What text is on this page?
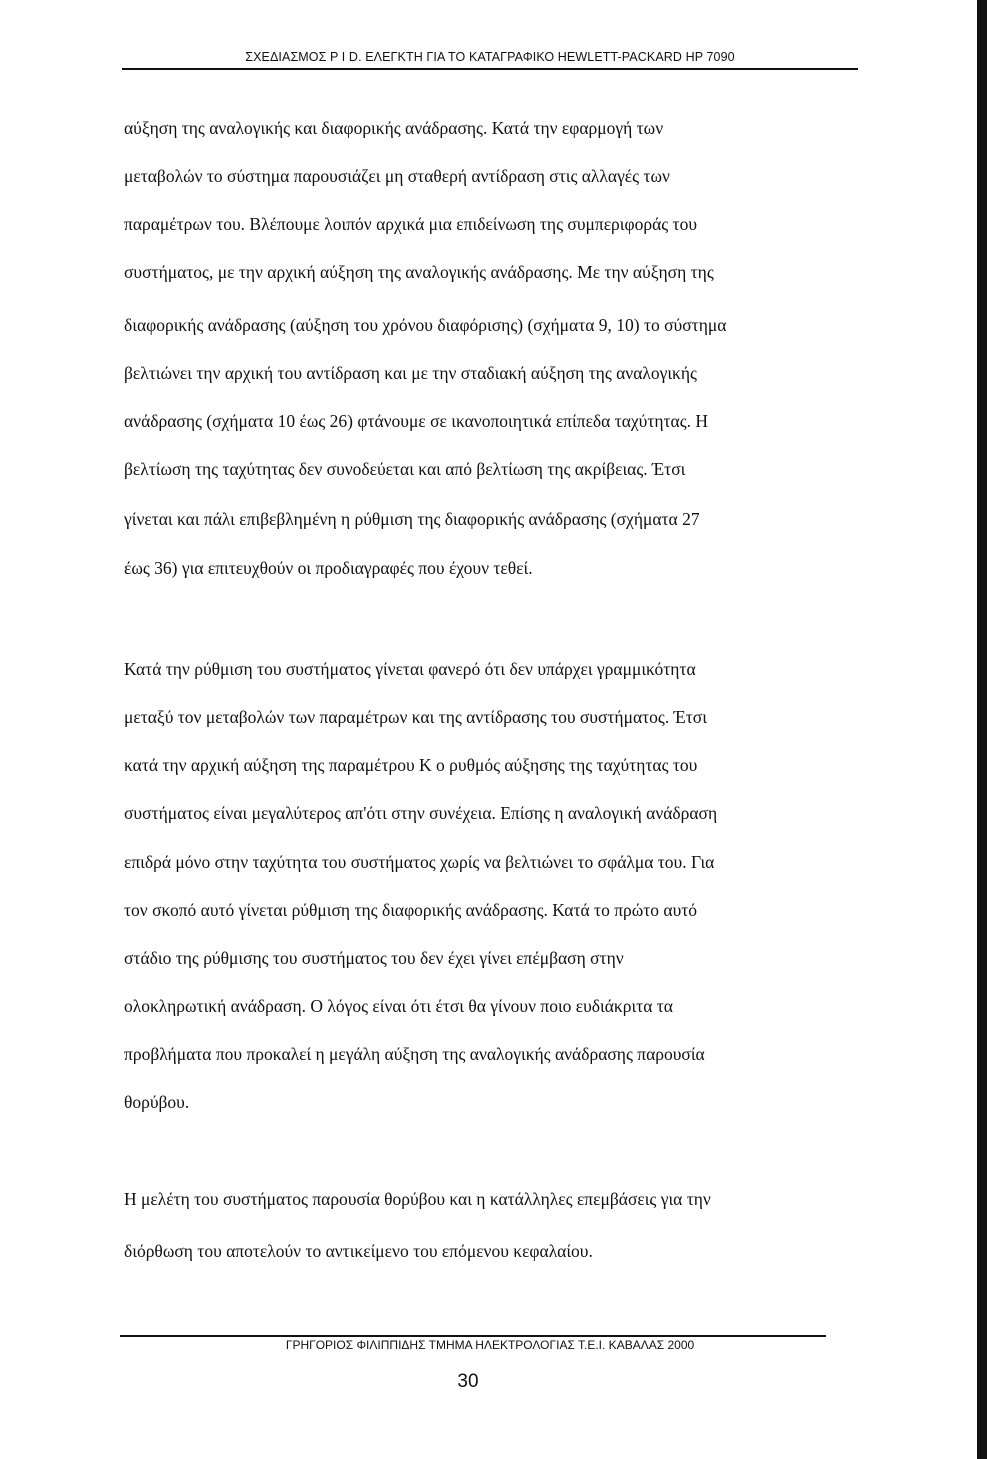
ΣΧΕΔΙΑΣΜΟΣ P I D. ΕΛΕΓΚΤΗ ΓΙΑ ΤΟ ΚΑΤΑΓΡΑΦΙΚΟ HEWLETT-PACKARD HP 7090
αύξηση της αναλογικής και διαφορικής ανάδρασης. Κατά την εφαρμογή των
μεταβολών το σύστημα παρουσιάζει μη σταθερή αντίδραση στις αλλαγές των
παραμέτρων του. Βλέπουμε λοιπόν αρχικά μια επιδείνωση της συμπεριφοράς του
συστήματος, με την αρχική αύξηση της αναλογικής ανάδρασης. Με την αύξηση της
διαφορικής ανάδρασης (αύξηση του χρόνου διαφόρισης) (σχήματα 9, 10) το σύστημα
βελτιώνει την αρχική του αντίδραση και με την σταδιακή αύξηση της αναλογικής
ανάδρασης (σχήματα 10 έως 26) φτάνουμε σε ικανοποιητικά επίπεδα ταχύτητας. Η
βελτίωση της ταχύτητας δεν συνοδεύεται και από βελτίωση της ακρίβειας. Έτσι
γίνεται και πάλι επιβεβλημένη η ρύθμιση της διαφορικής ανάδρασης (σχήματα 27
έως 36) για επιτευχθούν οι προδιαγραφές που έχουν τεθεί.
Κατά την ρύθμιση του συστήματος γίνεται φανερό ότι δεν υπάρχει γραμμικότητα
μεταξύ τον μεταβολών των παραμέτρων και της αντίδρασης του συστήματος. Έτσι
κατά την αρχική αύξηση της παραμέτρου Κ ο ρυθμός αύξησης της ταχύτητας του
συστήματος είναι μεγαλύτερος απ'ότι στην συνέχεια. Επίσης η αναλογική ανάδραση
επιδρά μόνο στην ταχύτητα του συστήματος χωρίς να βελτιώνει το σφάλμα του. Για
τον σκοπό αυτό γίνεται ρύθμιση της διαφορικής ανάδρασης. Κατά το πρώτο αυτό
στάδιο της ρύθμισης του συστήματος του δεν έχει γίνει επέμβαση στην
ολοκληρωτική ανάδραση. Ο λόγος είναι ότι έτσι θα γίνουν ποιο ευδιάκριτα τα
προβλήματα που προκαλεί η μεγάλη αύξηση της αναλογικής ανάδρασης παρουσία
θορύβου.
Η μελέτη του συστήματος παρουσία θορύβου και η κατάλληλες επεμβάσεις για την
διόρθωση του αποτελούν το αντικείμενο του επόμενου κεφαλαίου.
ΓΡΗΓΟΡΙΟΣ ΦΙΛΙΠΠΙΔΗΣ ΤΜΗΜΑ ΗΛΕΚΤΡΟΛΟΓΙΑΣ Τ.Ε.Ι. ΚΑΒΑΛΑΣ 2000
30
